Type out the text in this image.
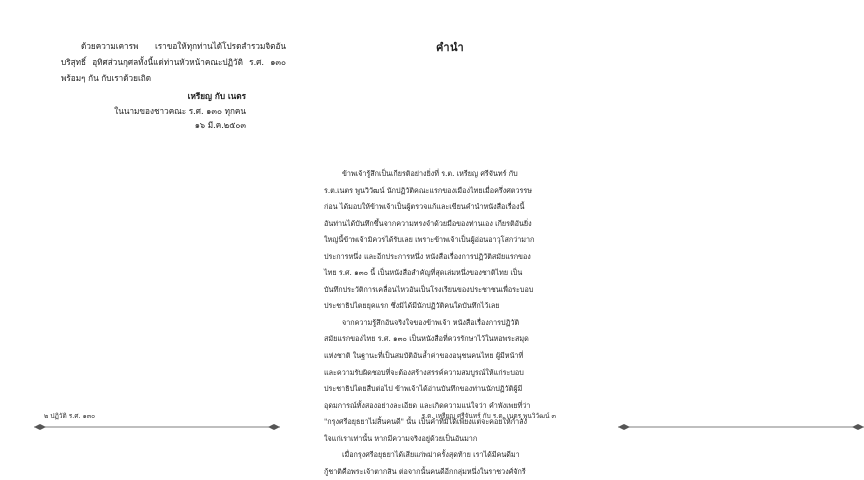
ด้วยความเคารพ เราขอให้ทุกท่านได้โปรดสำรวมจิตอันบริสุทธิ์ อุทิศส่วนกุศลทั้งนี้แด่ท่านหัวหน้าคณะปฏิวัติ ร.ศ. ๑๓๐ พร้อมๆ กัน กับเราด้วยเถิด
เหรียญ กับ เนตร
ในนามของชาวคณะ ร.ศ. ๑๓๐ ทุกคน
๑๖ มี.ค.๒๕๐๓
๒ ปฏิวัติ ร.ศ. ๑๓๐
คำนำ
ข้าพเจ้ารู้สึกเป็นเกียรติอย่างยิ่งที่ ร.ต. เหรียญ ศรีจันทร์ กับ
ร.ต.เนตร พูนวิวัฒน์ นักปฏิวัติคณะแรกของเมืองไทยเมื่อครึ่งศตวรรษ
ก่อน ได้มอบให้ข้าพเจ้าเป็นผู้ตรวจแก้และเขียนคำนำหนังสือเรื่องนี้
อันท่านได้บันทึกขึ้นจากความทรงจำด้วยมือของท่านเอง เกียรติอันยิ่ง
ใหญ่นี้ข้าพเจ้ามิควรได้รับเลย เพราะข้าพเจ้าเป็นผู้อ่อนอาวุโสกว่ามาก
ประการหนึ่ง และอีกประการหนึ่ง หนังสือเรื่องการปฏิวัติสมัยแรกของ
ไทย ร.ศ. ๑๓๐ นี้ เป็นหนังสือสำคัญที่สุดเล่มหนึ่งของชาติไทย เป็น
บันทึกประวัติการเคลื่อนไหวอันเป็นโรงเรียนของประชาชนเพื่อระบอบ
ประชาธิปไตยยุคแรก ซึ่งมิได้มีนักปฏิวัติคนใดบันทึกไว้เลย
จากความรู้สึกอันจริงใจของข้าพเจ้า หนังสือเรื่องการปฏิวัติ
สมัยแรกของไทย ร.ศ. ๑๓๐ เป็นหนังสือที่ควรรักษาไว้ในหอพระสมุด
แห่งชาติ ในฐานะที่เป็นสมบัติอันล้ำค่าของอนุชนคนไทย ผู้มีหน้าที่
และความรับผิดชอบที่จะต้องสร้างสรรค์ความสมบูรณ์ให้แก่ระบอบ
ประชาธิปไตยสืบต่อไป ข้าพเจ้าได้อ่านบันทึกของท่านนักปฏิวัติผู้มี
อุดมการณ์ทั้งสองอย่างละเอียด และเกิดความแน่ใจว่า คำพังเพยที่ว่า
"กรุงศรีอยุธยาไม่สิ้นคนดี" นั้น เป็นคำที่มิได้เพียงแต่จะคอยให้กำลัง
ใจแก่เราเท่านั้น หากมีความจริงอยู่ด้วยเป็นอันมาก
เมื่อกรุงศรีอยุธยาได้เสียแก่พม่าครั้งสุดท้าย เราได้มีคนดีมา
กู้ชาติคือพระเจ้าตากสิน ต่อจากนั้นคนดีอีกกลุ่มหนึ่งในราชวงศ์จักรี
ร.ต. เหรียญ ศรีจันทร์ กับ ร.ต. เนตร พูนวิวัฒน์ ๓
